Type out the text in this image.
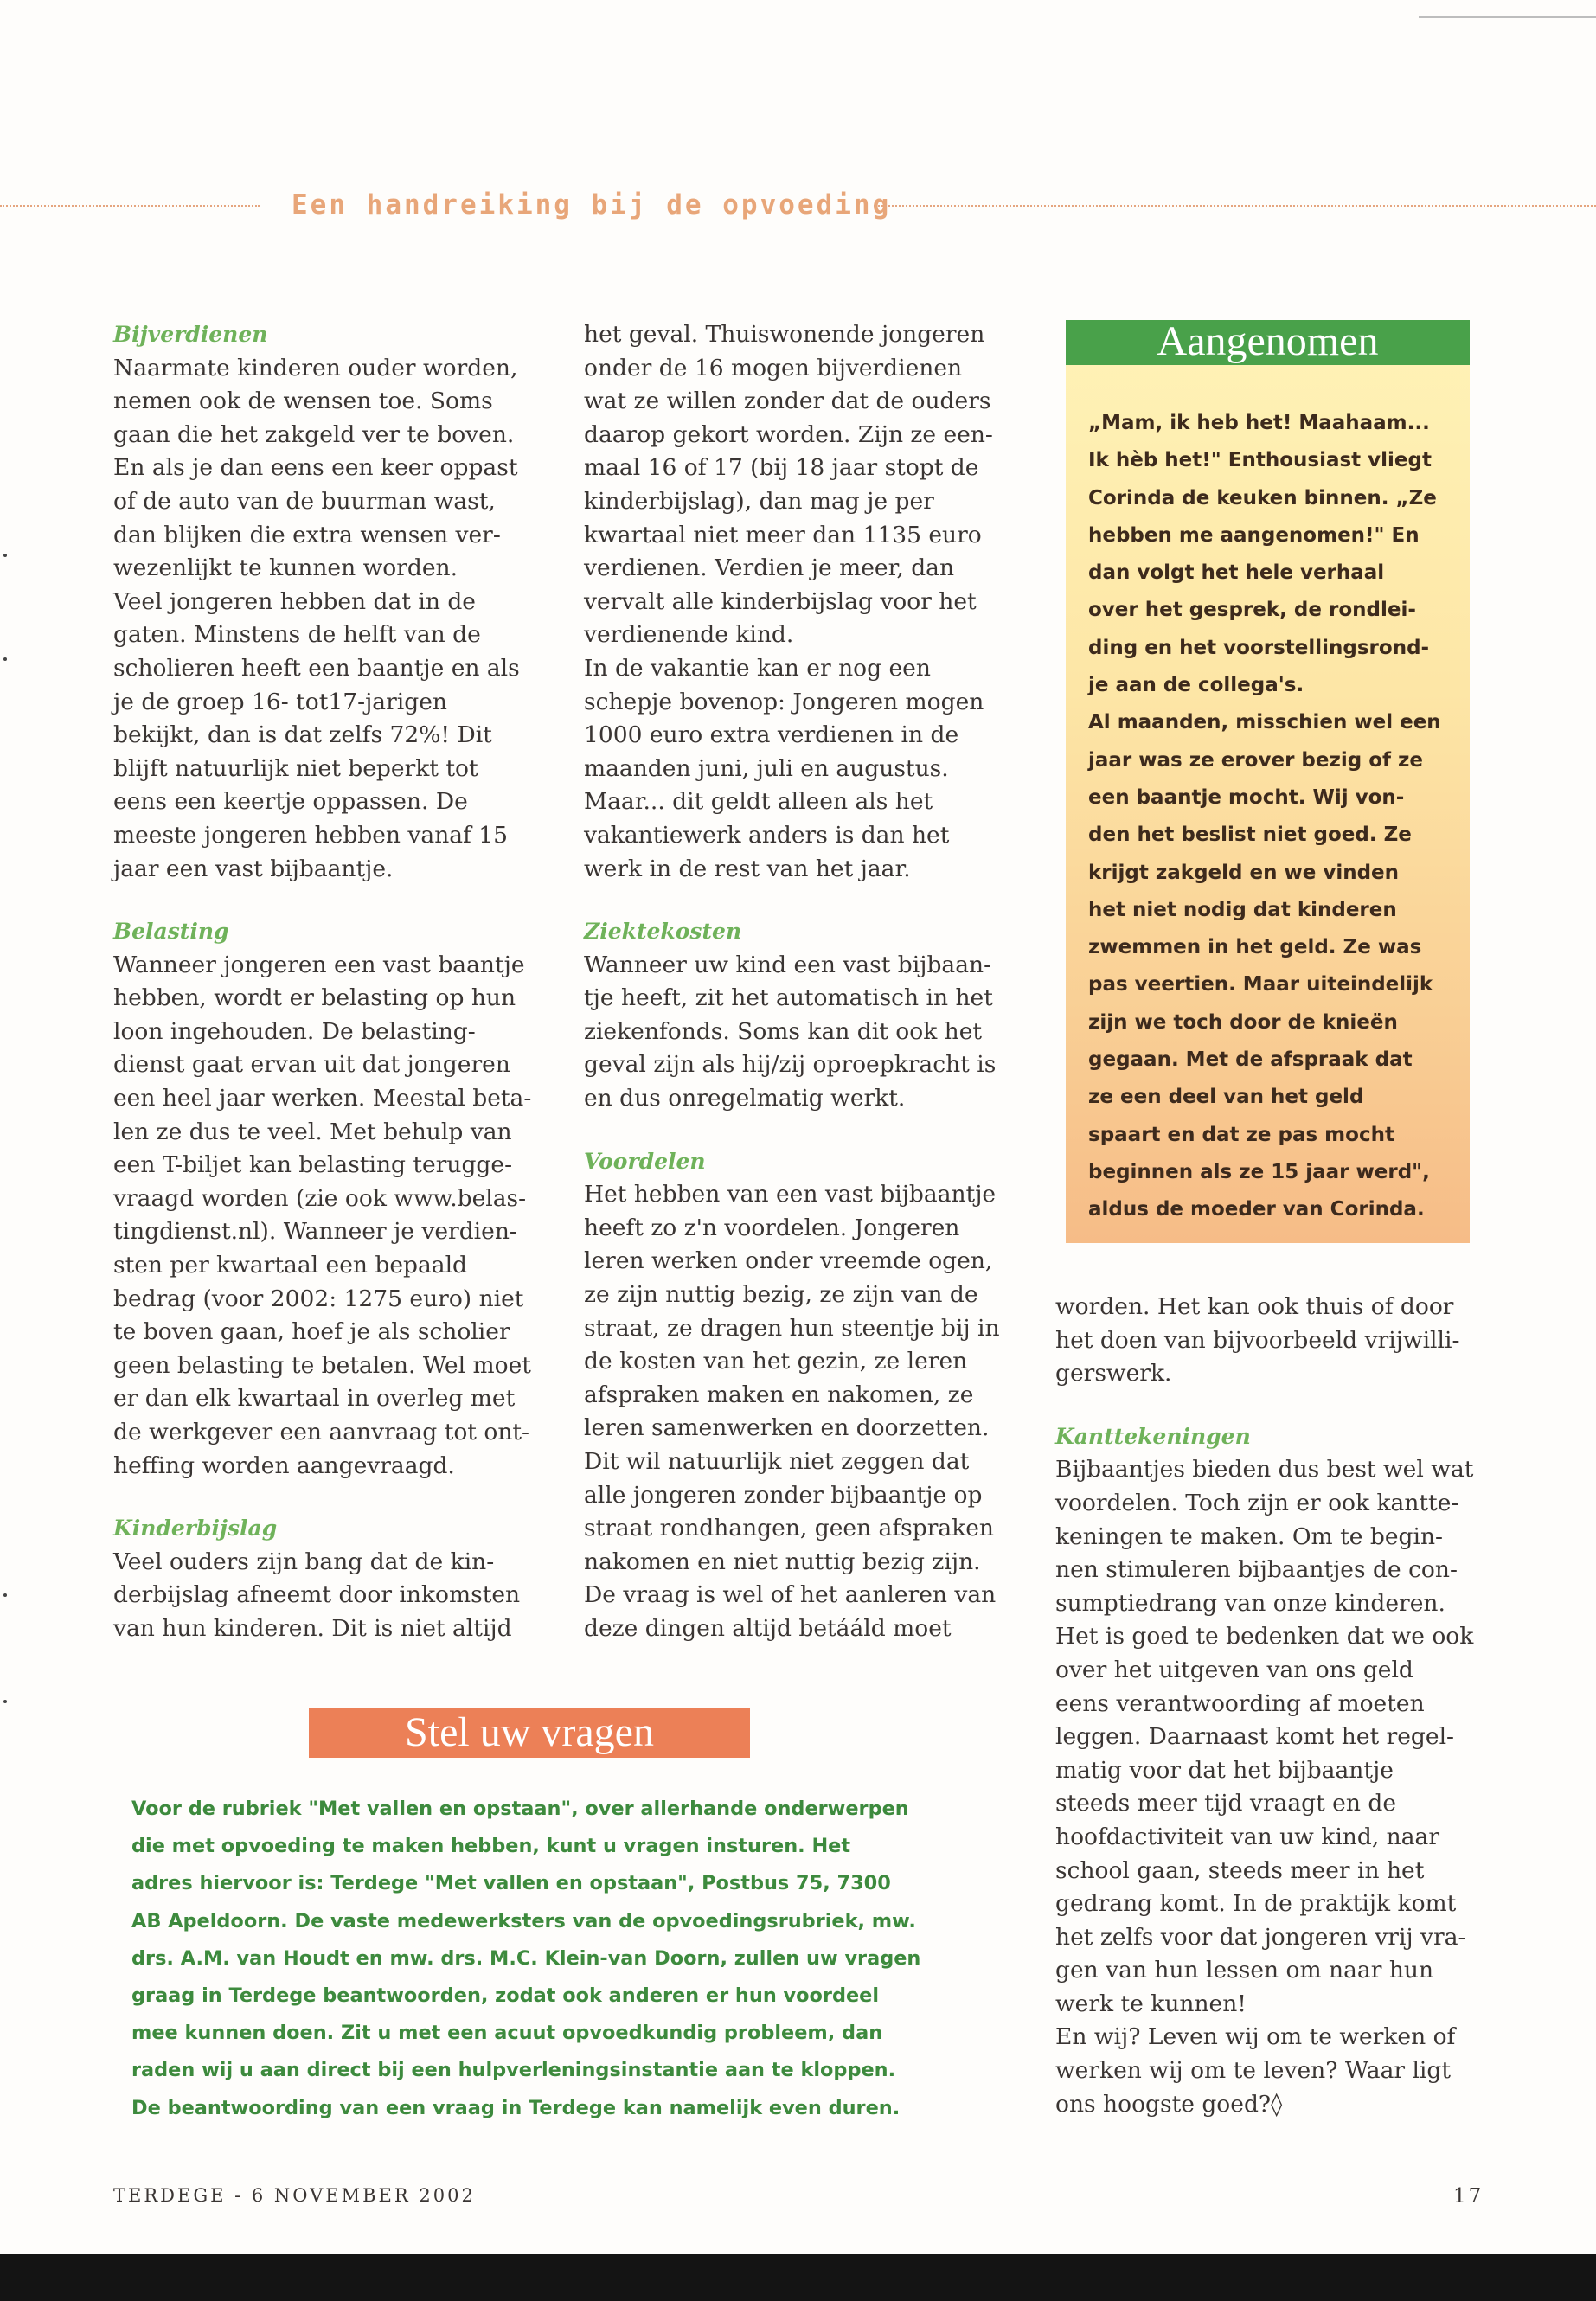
Een handreiking bij de opvoeding

Bijverdienen

Naarmate kinderen ouder worden,

nemen ook de wensen toe. Soms

gaan die het zakgeld ver te boven.

En als je dan eens een keer oppast

of de auto van de buurman wast,

dan blijken die extra wensen ver-

wezenlijkt te kunnen worden.

Veel jongeren hebben dat in de

gaten. Minstens de helft van de

scholieren heeft een baantje en als

je de groep 16- tot17-jarigen

bekijkt, dan is dat zelfs 72%! Dit

blijft natuurlijk niet beperkt tot

eens een keertje oppassen. De

meeste jongeren hebben vanaf 15

jaar een vast bijbaantje.

Belasting

Wanneer jongeren een vast baantje

hebben, wordt er belasting op hun

loon ingehouden. De belasting-

dienst gaat ervan uit dat jongeren

een heel jaar werken. Meestal beta-

len ze dus te veel. Met behulp van

een T-biljet kan belasting terugge-

vraagd worden (zie ook www.belas-

tingdienst.nl). Wanneer je verdien-

sten per kwartaal een bepaald

bedrag (voor 2002: 1275 euro) niet

te boven gaan, hoef je als scholier

geen belasting te betalen. Wel moet

er dan elk kwartaal in overleg met

de werkgever een aanvraag tot ont-

heffing worden aangevraagd.

Kinderbijslag

Veel ouders zijn bang dat de kin-

derbijslag afneemt door inkomsten

van hun kinderen. Dit is niet altijd

het geval. Thuiswonende jongeren

onder de 16 mogen bijverdienen

wat ze willen zonder dat de ouders

daarop gekort worden. Zijn ze een-

maal 16 of 17 (bij 18 jaar stopt de

kinderbijslag), dan mag je per

kwartaal niet meer dan 1135 euro

verdienen. Verdien je meer, dan

vervalt alle kinderbijslag voor het

verdienende kind.

In de vakantie kan er nog een

schepje bovenop: Jongeren mogen

1000 euro extra verdienen in de

maanden juni, juli en augustus.

Maar... dit geldt alleen als het

vakantiewerk anders is dan het

werk in de rest van het jaar.

Ziektekosten

Wanneer uw kind een vast bijbaan-

tje heeft, zit het automatisch in het

ziekenfonds. Soms kan dit ook het

geval zijn als hij/zij oproepkracht is

en dus onregelmatig werkt.

Voordelen

Het hebben van een vast bijbaantje

heeft zo z'n voordelen. Jongeren

leren werken onder vreemde ogen,

ze zijn nuttig bezig, ze zijn van de

straat, ze dragen hun steentje bij in

de kosten van het gezin, ze leren

afspraken maken en nakomen, ze

leren samenwerken en doorzetten.

Dit wil natuurlijk niet zeggen dat

alle jongeren zonder bijbaantje op

straat rondhangen, geen afspraken

nakomen en niet nuttig bezig zijn.

De vraag is wel of het aanleren van

deze dingen altijd betááld moet

Aangenomen

„Mam, ik heb het! Maahaam...

Ik hèb het!" Enthousiast vliegt

Corinda de keuken binnen. „Ze

hebben me aangenomen!" En

dan volgt het hele verhaal

over het gesprek, de rondlei-

ding en het voorstellingsrond-

je aan de collega's.

Al maanden, misschien wel een

jaar was ze erover bezig of ze

een baantje mocht. Wij von-

den het beslist niet goed. Ze

krijgt zakgeld en we vinden

het niet nodig dat kinderen

zwemmen in het geld. Ze was

pas veertien. Maar uiteindelijk

zijn we toch door de knieën

gegaan. Met de afspraak dat

ze een deel van het geld

spaart en dat ze pas mocht

beginnen als ze 15 jaar werd",

aldus de moeder van Corinda.

worden. Het kan ook thuis of door

het doen van bijvoorbeeld vrijwilli-

gerswerk.

Kanttekeningen

Bijbaantjes bieden dus best wel wat

voordelen. Toch zijn er ook kantte-

keningen te maken. Om te begin-

nen stimuleren bijbaantjes de con-

sumptiedrang van onze kinderen.

Het is goed te bedenken dat we ook

over het uitgeven van ons geld

eens verantwoording af moeten

leggen. Daarnaast komt het regel-

matig voor dat het bijbaantje

steeds meer tijd vraagt en de

hoofdactiviteit van uw kind, naar

school gaan, steeds meer in het

gedrang komt. In de praktijk komt

het zelfs voor dat jongeren vrij vra-

gen van hun lessen om naar hun

werk te kunnen!

En wij? Leven wij om te werken of

werken wij om te leven? Waar ligt

ons hoogste goed?◊

Stel uw vragen
Voor de rubriek "Met vallen en opstaan", over allerhande onderwerpen
die met opvoeding te maken hebben, kunt u vragen insturen. Het
adres hiervoor is: Terdege "Met vallen en opstaan", Postbus 75, 7300
AB Apeldoorn. De vaste medewerksters van de opvoedingsrubriek, mw.
drs. A.M. van Houdt en mw. drs. M.C. Klein-van Doorn, zullen uw vragen
graag in Terdege beantwoorden, zodat ook anderen er hun voordeel
mee kunnen doen. Zit u met een acuut opvoedkundig probleem, dan
raden wij u aan direct bij een hulpverleningsinstantie aan te kloppen.
De beantwoording van een vraag in Terdege kan namelijk even duren.
TERDEGE - 6 NOVEMBER 2002	17
